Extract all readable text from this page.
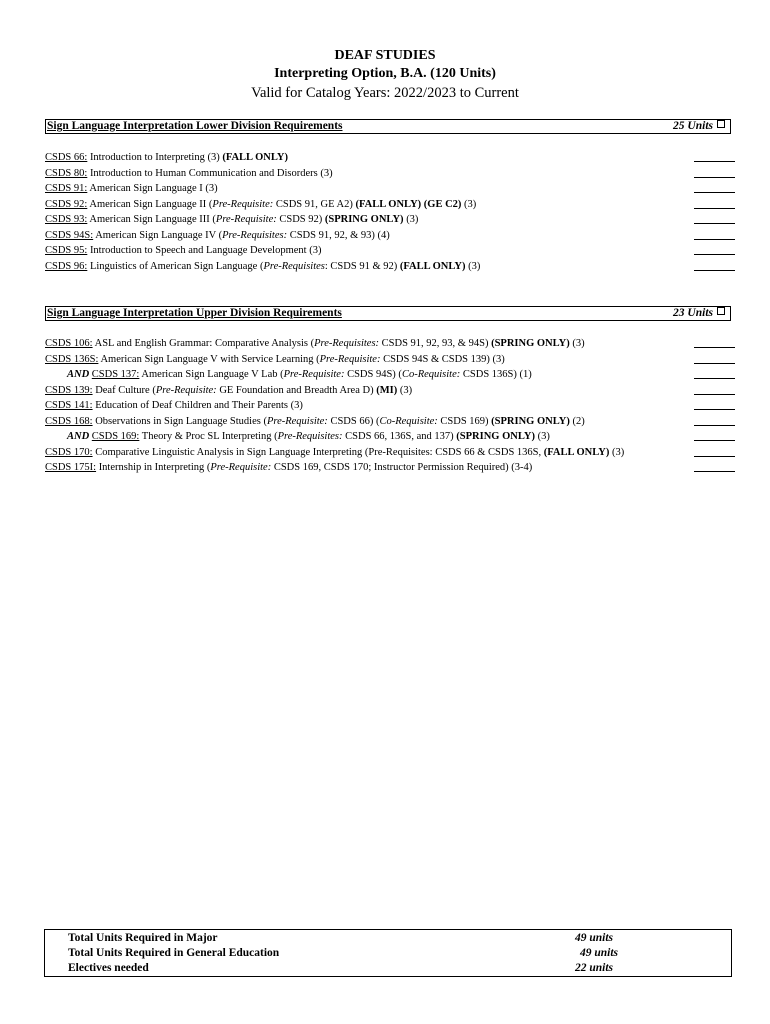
DEAF STUDIES
Interpreting Option, B.A. (120 Units)
Valid for Catalog Years: 2022/2023 to Current
Sign Language Interpretation Lower Division Requirements	25 Units
CSDS 66: Introduction to Interpreting (3) (FALL ONLY)
CSDS 80: Introduction to Human Communication and Disorders (3)
CSDS 91: American Sign Language I (3)
CSDS 92: American Sign Language II (Pre-Requisite: CSDS 91, GE A2) (FALL ONLY) (GE C2) (3)
CSDS 93: American Sign Language III (Pre-Requisite: CSDS 92) (SPRING ONLY) (3)
CSDS 94S: American Sign Language IV (Pre-Requisites: CSDS 91, 92, & 93) (4)
CSDS 95: Introduction to Speech and Language Development (3)
CSDS 96: Linguistics of American Sign Language (Pre-Requisites: CSDS 91 & 92) (FALL ONLY) (3)
Sign Language Interpretation Upper Division Requirements	23 Units
CSDS 106: ASL and English Grammar: Comparative Analysis (Pre-Requisites: CSDS 91, 92, 93, & 94S) (SPRING ONLY) (3)
CSDS 136S: American Sign Language V with Service Learning (Pre-Requisite: CSDS 94S & CSDS 139) (3)
AND CSDS 137: American Sign Language V Lab (Pre-Requisite: CSDS 94S) (Co-Requisite: CSDS 136S) (1)
CSDS 139: Deaf Culture (Pre-Requisite: GE Foundation and Breadth Area D) (MI) (3)
CSDS 141: Education of Deaf Children and Their Parents (3)
CSDS 168: Observations in Sign Language Studies (Pre-Requisite: CSDS 66) (Co-Requisite: CSDS 169) (SPRING ONLY) (2)
AND CSDS 169: Theory & Proc SL Interpreting (Pre-Requisites: CSDS 66, 136S, and 137) (SPRING ONLY) (3)
CSDS 170: Comparative Linguistic Analysis in Sign Language Interpreting (Pre-Requisites: CSDS 66 & CSDS 136S, (FALL ONLY) (3)
CSDS 175I: Internship in Interpreting (Pre-Requisite: CSDS 169, CSDS 170; Instructor Permission Required) (3-4)
Total Units Required in Major	49 units
Total Units Required in General Education	49 units
Electives needed	22 units
